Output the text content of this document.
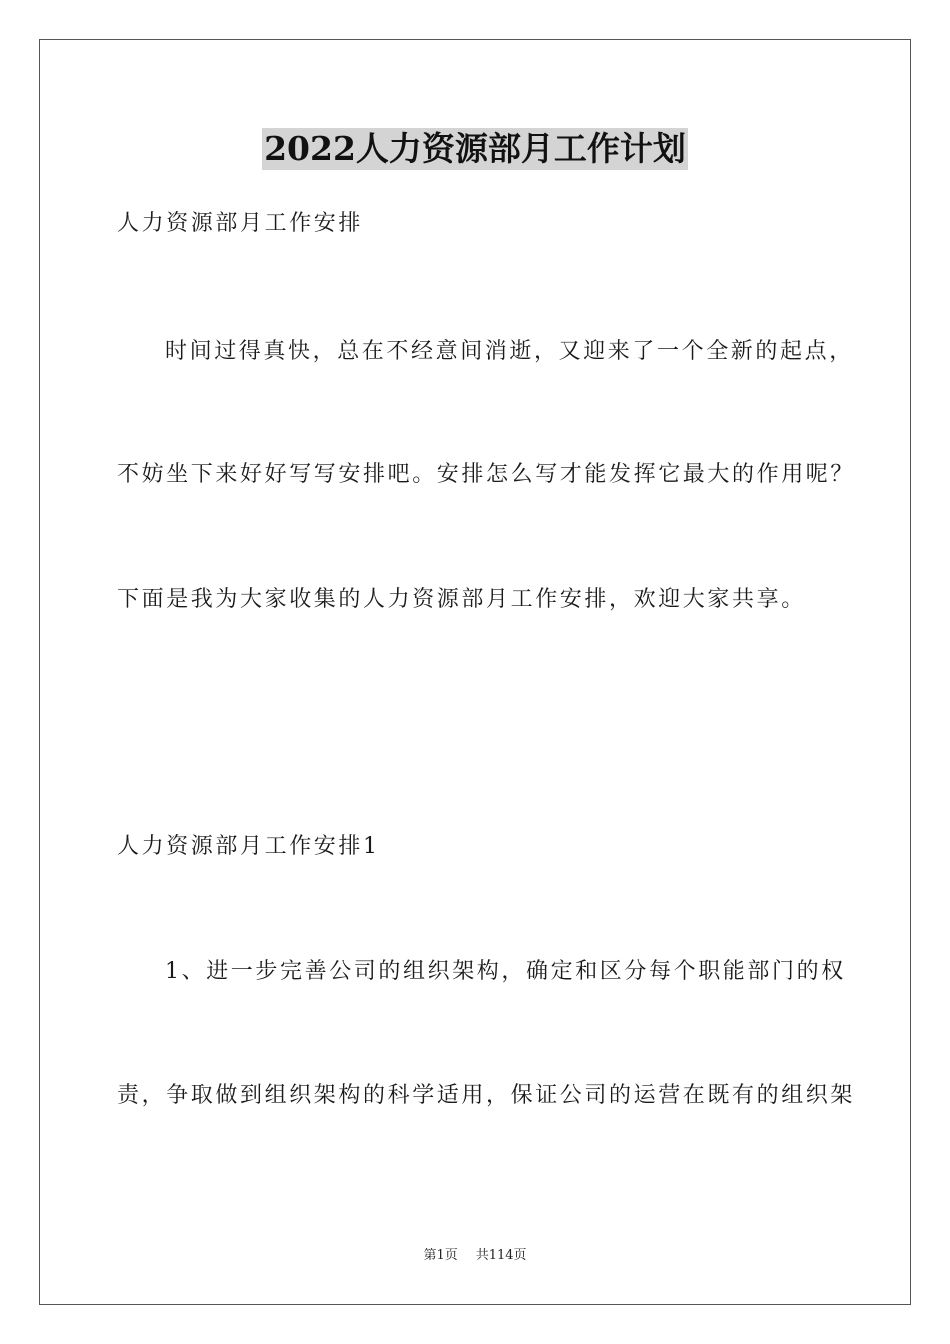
2022人力资源部月工作计划
人力资源部月工作安排
时间过得真快，总在不经意间消逝，又迎来了一个全新的起点，
不妨坐下来好好写写安排吧。安排怎么写才能发挥它最大的作用呢？
下面是我为大家收集的人力资源部月工作安排，欢迎大家共享。
人力资源部月工作安排1
1、进一步完善公司的组织架构，确定和区分每个职能部门的权
责，争取做到组织架构的科学适用，保证公司的运营在既有的组织架
第1页 共114页
